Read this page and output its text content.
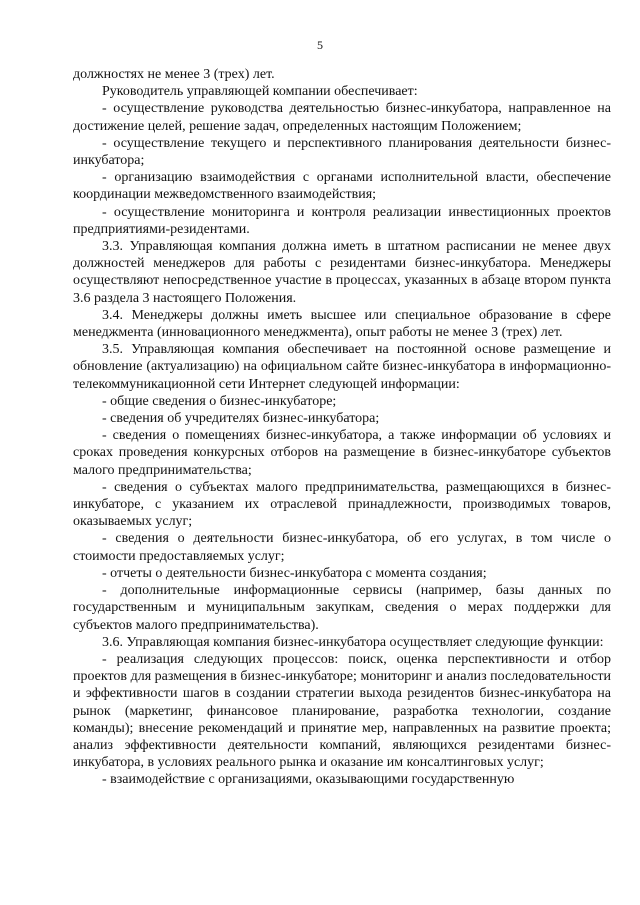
5

должностях не менее 3 (трех) лет.

Руководитель управляющей компании обеспечивает:

- осуществление руководства деятельностью бизнес-инкубатора, направленное на достижение целей, решение задач, определенных настоящим Положением;

- осуществление текущего и перспективного планирования деятельности бизнес-инкубатора;

- организацию взаимодействия с органами исполнительной власти, обеспечение координации межведомственного взаимодействия;

- осуществление мониторинга и контроля реализации инвестиционных проектов предприятиями-резидентами.

3.3. Управляющая компания должна иметь в штатном расписании не менее двух должностей менеджеров для работы с резидентами бизнес-инкубатора. Менеджеры осуществляют непосредственное участие в процессах, указанных в абзаце втором пункта 3.6 раздела 3 настоящего Положения.

3.4. Менеджеры должны иметь высшее или специальное образование в сфере менеджмента (инновационного менеджмента), опыт работы не менее 3 (трех) лет.

3.5. Управляющая компания обеспечивает на постоянной основе размещение и обновление (актуализацию) на официальном сайте бизнес-инкубатора в информационно-телекоммуникационной сети Интернет следующей информации:

- общие сведения о бизнес-инкубаторе;

- сведения об учредителях бизнес-инкубатора;

- сведения о помещениях бизнес-инкубатора, а также информации об условиях и сроках проведения конкурсных отборов на размещение в бизнес-инкубаторе субъектов малого предпринимательства;

- сведения о субъектах малого предпринимательства, размещающихся в бизнес-инкубаторе, с указанием их отраслевой принадлежности, производимых товаров, оказываемых услуг;

- сведения о деятельности бизнес-инкубатора, об его услугах, в том числе о стоимости предоставляемых услуг;

- отчеты о деятельности бизнес-инкубатора с момента создания;

- дополнительные информационные сервисы (например, базы данных по государственным и муниципальным закупкам, сведения о мерах поддержки для субъектов малого предпринимательства).

3.6. Управляющая компания бизнес-инкубатора осуществляет следующие функции:

- реализация следующих процессов: поиск, оценка перспективности и отбор проектов для размещения в бизнес-инкубаторе; мониторинг и анализ последовательности и эффективности шагов в создании стратегии выхода резидентов бизнес-инкубатора на рынок (маркетинг, финансовое планирование, разработка технологии, создание команды); внесение рекомендаций и принятие мер, направленных на развитие проекта; анализ эффективности деятельности компаний, являющихся резидентами бизнес-инкубатора, в условиях реального рынка и оказание им консалтинговых услуг;

- взаимодействие с организациями, оказывающими государственную
